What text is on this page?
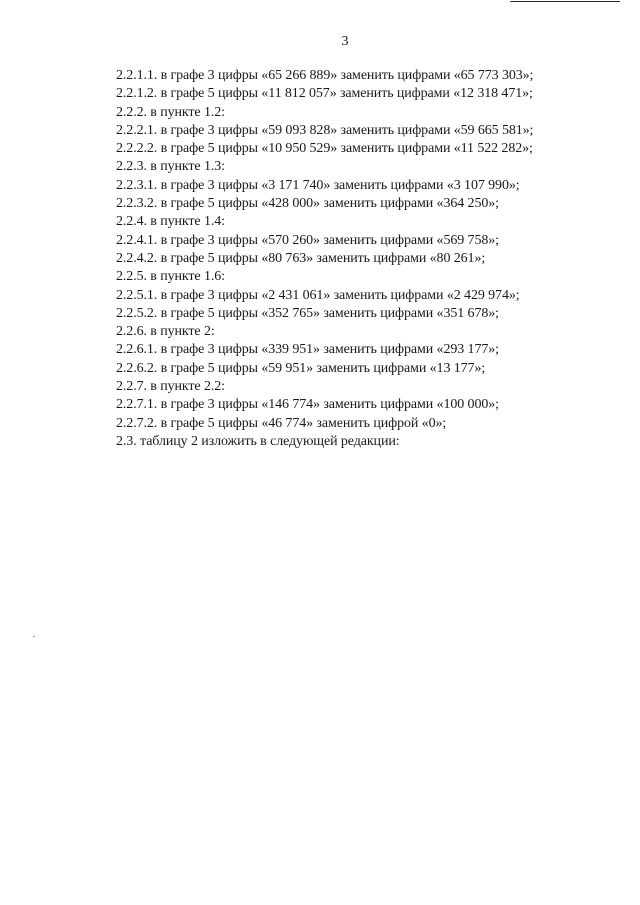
3
2.2.1.1. в графе 3 цифры «65 266 889» заменить цифрами «65 773 303»;
2.2.1.2. в графе 5 цифры «11 812 057» заменить цифрами «12 318 471»;
2.2.2. в пункте 1.2:
2.2.2.1. в графе 3 цифры «59 093 828» заменить цифрами «59 665 581»;
2.2.2.2. в графе 5 цифры «10 950 529» заменить цифрами «11 522 282»;
2.2.3. в пункте 1.3:
2.2.3.1. в графе 3 цифры «3 171 740» заменить цифрами «3 107 990»;
2.2.3.2. в графе 5 цифры «428 000» заменить цифрами «364 250»;
2.2.4. в пункте 1.4:
2.2.4.1. в графе 3 цифры «570 260» заменить цифрами «569 758»;
2.2.4.2. в графе 5 цифры «80 763» заменить цифрами «80 261»;
2.2.5. в пункте 1.6:
2.2.5.1. в графе 3 цифры «2 431 061» заменить цифрами «2 429 974»;
2.2.5.2. в графе 5 цифры «352 765» заменить цифрами «351 678»;
2.2.6. в пункте 2:
2.2.6.1. в графе 3 цифры «339 951» заменить цифрами «293 177»;
2.2.6.2. в графе 5 цифры «59 951» заменить цифрами «13 177»;
2.2.7. в пункте 2.2:
2.2.7.1. в графе 3 цифры «146 774» заменить цифрами «100 000»;
2.2.7.2. в графе 5 цифры «46 774» заменить цифрой «0»;
2.3. таблицу 2 изложить в следующей редакции:
